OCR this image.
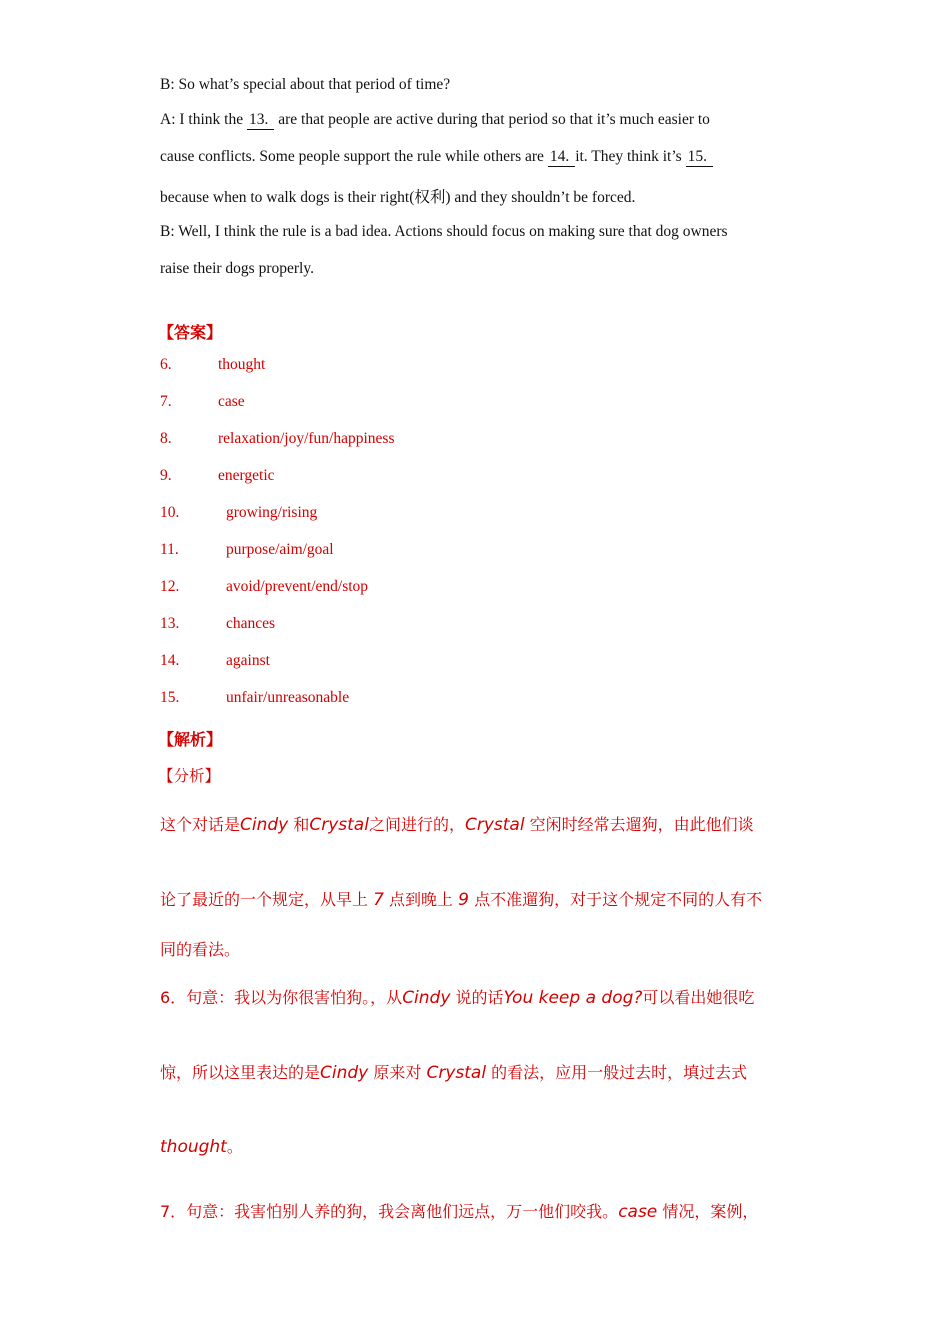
B: So what’s special about that period of time?
A: I think the 13. are that people are active during that period so that it’s much easier to
cause conflicts. Some people support the rule while others are 14. it. They think it’s 15.
because when to walk dogs is their right(权利) and they shouldn’t be forced.
B: Well, I think the rule is a bad idea. Actions should focus on making sure that dog owners
raise their dogs properly.
【答案】
6.	thought
7.	case
8.	relaxation/joy/fun/happiness
9.	energetic
10.	growing/rising
11.	purpose/aim/goal
12.	avoid/prevent/end/stop
13.	chances
14.	against
15.	unfair/unreasonable
【解析】
【分析】
这个对话是Cindy 和Crystal之间进行的，Crystal 空闲时经常去遛狗，由此他们谈
论了最近的一个规定，从早上 7 点到晚上 9 点不准遛狗，对于这个规定不同的人有不
同的看法。
6．句意：我以为你很害怕狗。，从Cindy 说的话You keep a dog?可以看出她很吃
惊，所以这里表达的是Cindy 原来对 Crystal 的看法，应用一般过去时，填过去式
thought。
7．句意：我害怕别人养的狗，我会离他们远点，万一他们咬我。case 情况，案例，
